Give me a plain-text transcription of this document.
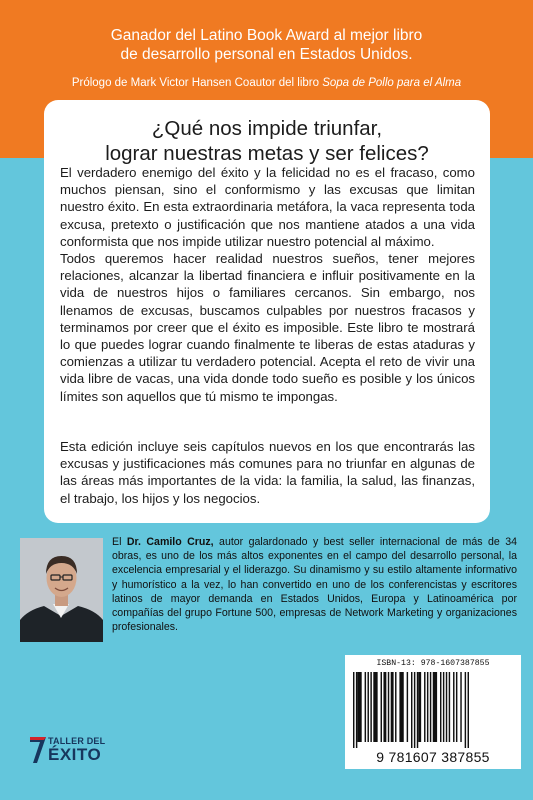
Ganador del Latino Book Award al mejor libro
de desarrollo personal en Estados Unidos.
Prólogo de Mark Victor Hansen Coautor del libro Sopa de Pollo para el Alma
¿Qué nos impide triunfar,
lograr nuestras metas y ser felices?

El verdadero enemigo del éxito y la felicidad no es el fracaso, como muchos piensan, sino el conformismo y las excusas que limitan nuestro éxito. En esta extraordinaria metáfora, la vaca representa toda excusa, pretexto o justificación que nos mantiene atados a una vida conformista que nos impide utilizar nuestro potencial al máximo.

Todos queremos hacer realidad nuestros sueños, tener mejores relaciones, alcanzar la libertad financiera e influir positivamente en la vida de nuestros hijos o familiares cercanos. Sin embargo, nos llenamos de excusas, buscamos culpables por nuestros fracasos y terminamos por creer que el éxito es imposible. Este libro te mostrará lo que puedes lograr cuando finalmente te liberas de estas ataduras y comienzas a utilizar tu verdadero potencial. Acepta el reto de vivir una vida libre de vacas, una vida donde todo sueño es posible y los únicos límites son aquellos que tú mismo te impongas.

Esta edición incluye seis capítulos nuevos en los que encontrarás las excusas y justificaciones más comunes para no triunfar en algunas de las áreas más importantes de la vida: la familia, la salud, las finanzas, el trabajo, los hijos y los negocios.

El Dr. Camilo Cruz, autor galardonado y best seller internacional de más de 34 obras, es uno de los más altos exponentes en el campo del desarrollo personal, la excelencia empresarial y el liderazgo. Su dinamismo y su estilo altamente informativo y humorístico a la vez, lo han convertido en uno de los conferencistas y escritores latinos de mayor demanda en Estados Unidos, Europa y Latinoamérica por compañías del grupo Fortune 500, empresas de Network Marketing y organizaciones profesionales.

ISBN-13: 978-1607387855
9 781607 387855
TALLER DEL
ÉXITO
